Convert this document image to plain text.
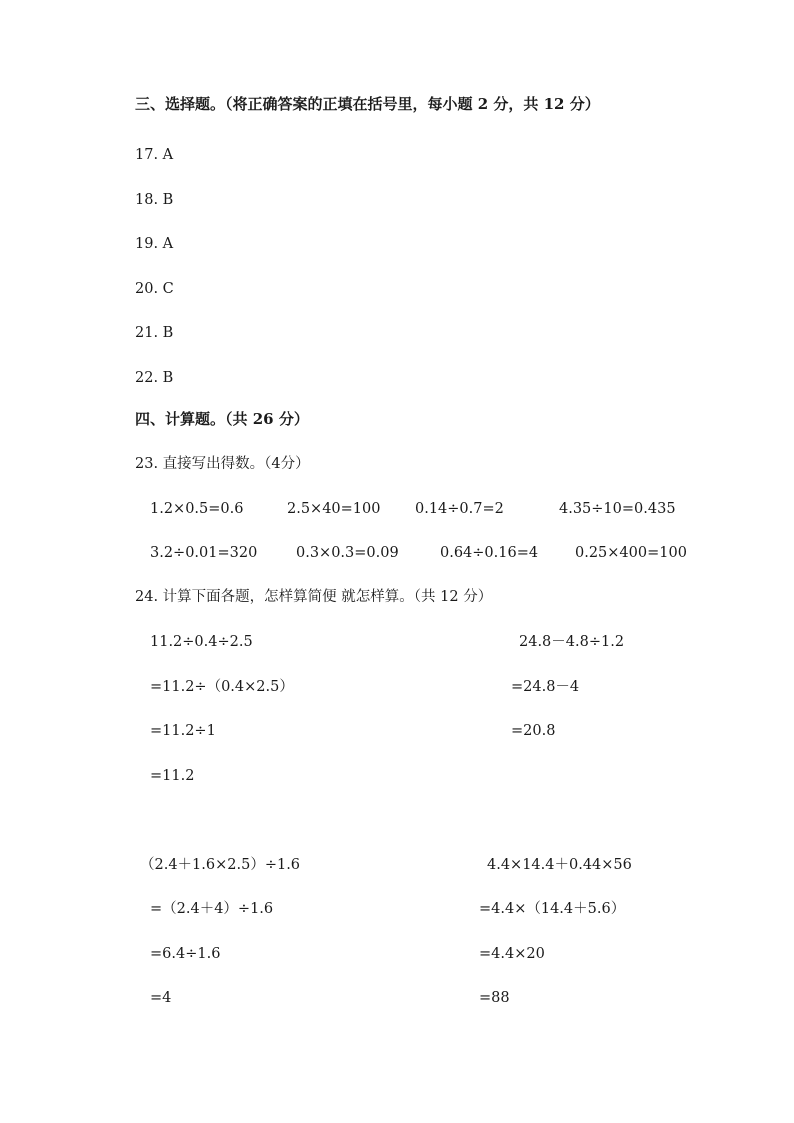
三、选择题。（将正确答案的正填在括号里，每小题 2 分，共 12 分）
17. A
18. B
19. A
20. C
21. B
22. B
四、计算题。（共 26 分）
23. 直接写出得数。（4分）
1.2×0.5=0.6	2.5×40=100 0.14÷0.7=2	4.35÷10=0.435
3.2÷0.01=320	0.3×0.3=0.09	0.64÷0.16=4	0.25×400=100
24. 计算下面各题，怎样算简便 就怎样算。（共 12 分）
11.2÷0.4÷2.5
=11.2÷（0.4×2.5）
=11.2÷1
=11.2
24.8－4.8÷1.2
=24.8－4
=20.8
（2.4＋1.6×2.5）÷1.6
=（2.4＋4）÷1.6
=6.4÷1.6
=4
4.4×14.4＋0.44×56
=4.4×（14.4＋5.6）
=4.4×20
=88
